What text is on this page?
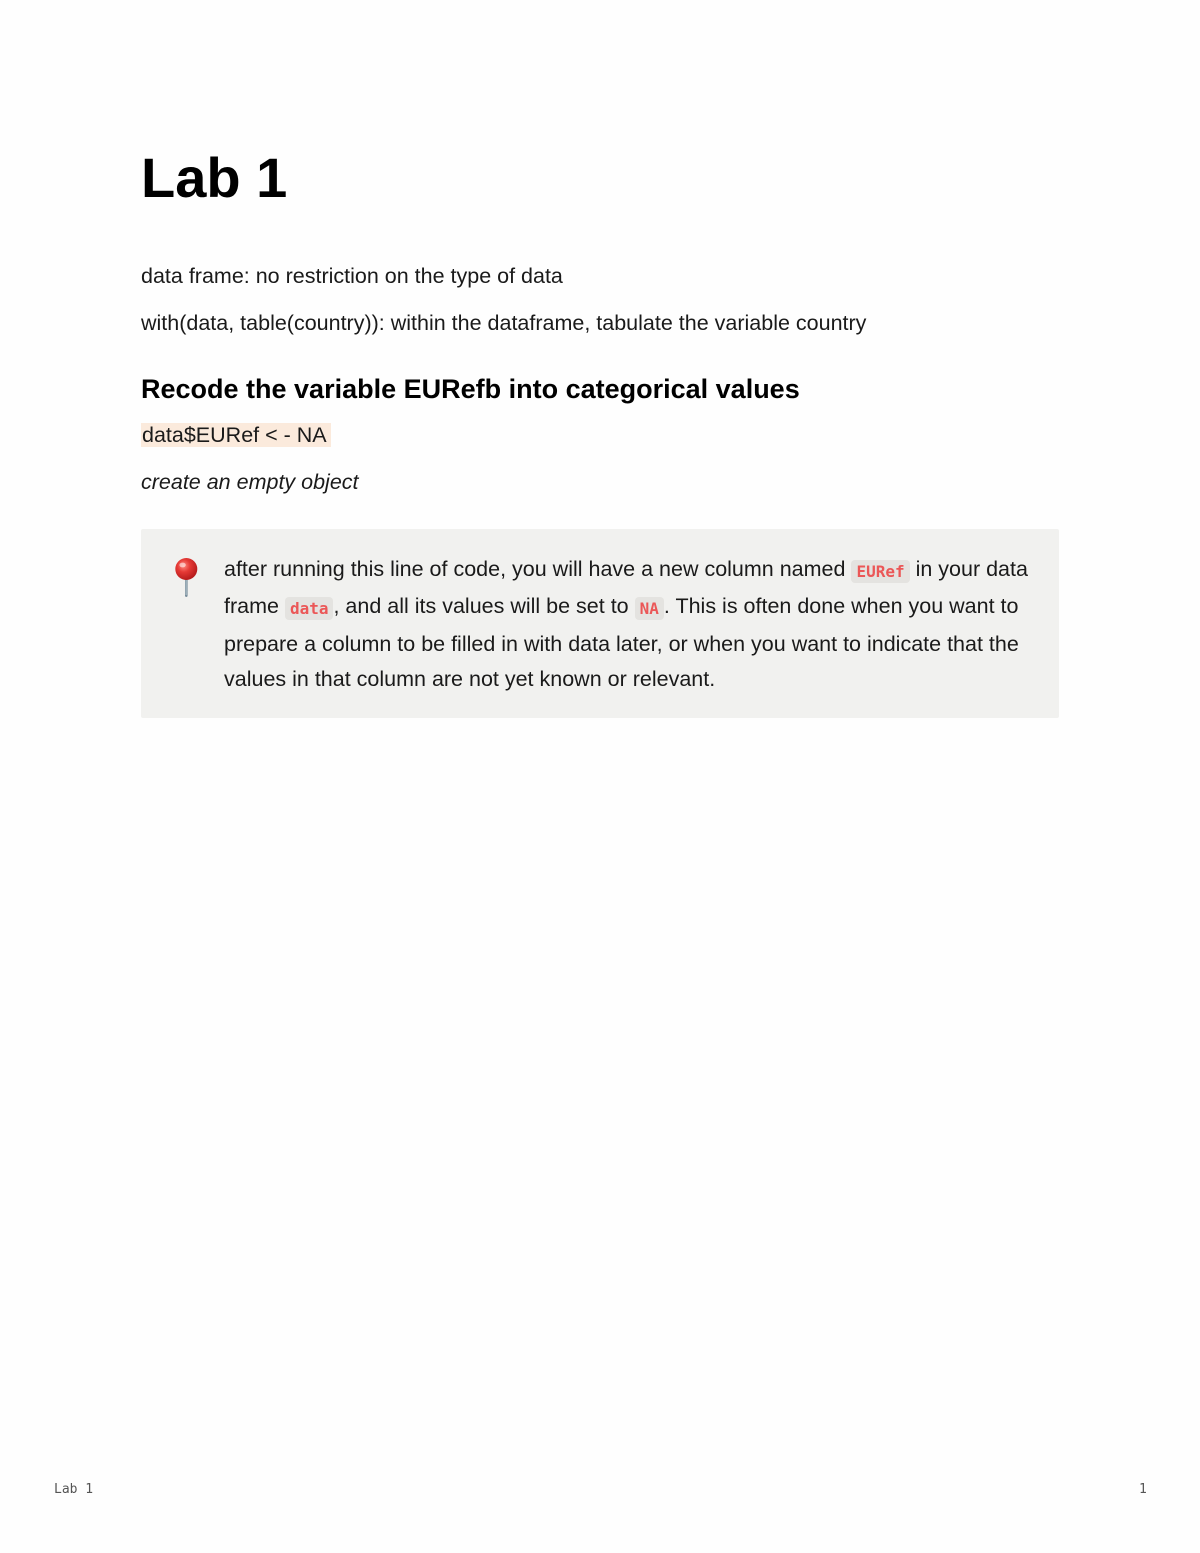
Lab 1

data frame: no restriction on the type of data

with(data, table(country)): within the dataframe, tabulate the variable country

Recode the variable EURefb into categorical values

data$EURef < - NA

create an empty object

after running this line of code, you will have a new column named EURef in your data frame data , and all its values will be set to NA . This is often done when you want to prepare a column to be filled in with data later, or when you want to indicate that the values in that column are not yet known or relevant.

Lab 1	1
